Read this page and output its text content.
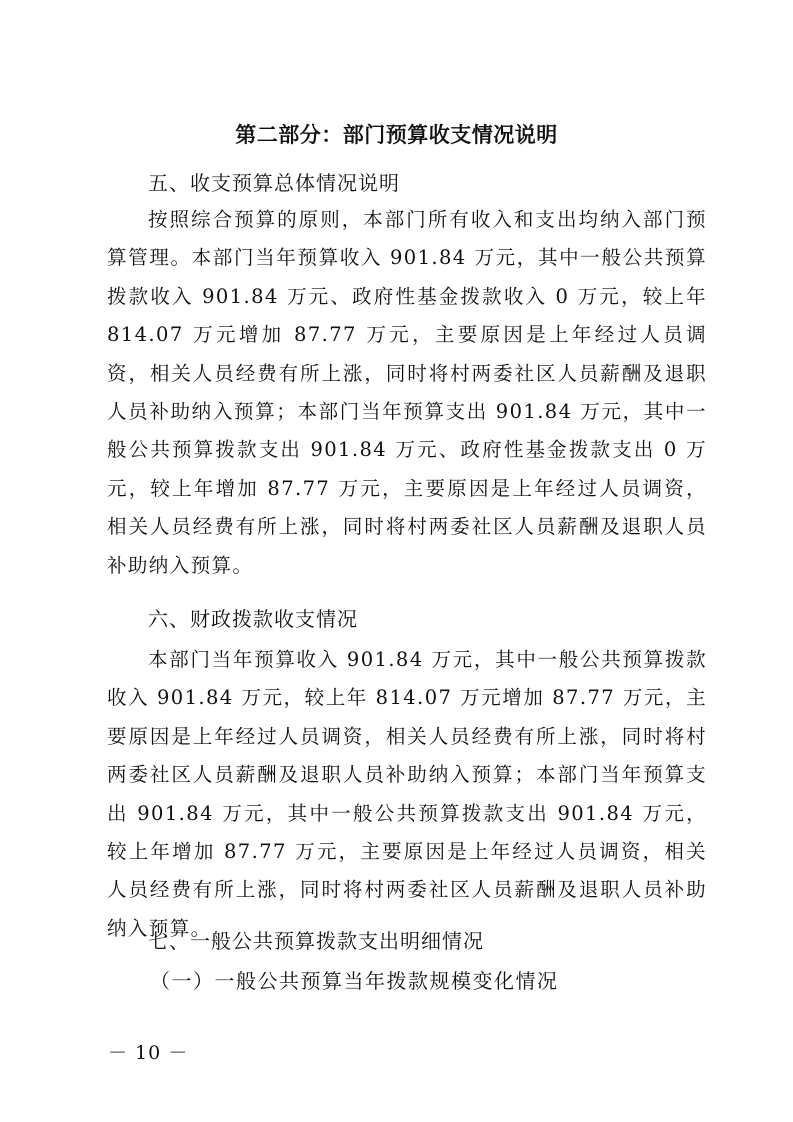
第二部分：部门预算收支情况说明
五、收支预算总体情况说明
按照综合预算的原则，本部门所有收入和支出均纳入部门预算管理。本部门当年预算收入 901.84 万元，其中一般公共预算拨款收入 901.84 万元、政府性基金拨款收入 0 万元，较上年 814.07 万元增加 87.77 万元，主要原因是上年经过人员调资，相关人员经费有所上涨，同时将村两委社区人员薪酬及退职人员补助纳入预算；本部门当年预算支出 901.84 万元，其中一般公共预算拨款支出 901.84 万元、政府性基金拨款支出 0 万元，较上年增加 87.77 万元，主要原因是上年经过人员调资，相关人员经费有所上涨，同时将村两委社区人员薪酬及退职人员补助纳入预算。
六、财政拨款收支情况
本部门当年预算收入 901.84 万元，其中一般公共预算拨款收入 901.84 万元，较上年 814.07 万元增加 87.77 万元，主要原因是上年经过人员调资，相关人员经费有所上涨，同时将村两委社区人员薪酬及退职人员补助纳入预算；本部门当年预算支出 901.84 万元，其中一般公共预算拨款支出 901.84 万元，较上年增加 87.77 万元，主要原因是上年经过人员调资，相关人员经费有所上涨，同时将村两委社区人员薪酬及退职人员补助纳入预算。
七、一般公共预算拨款支出明细情况
（一）一般公共预算当年拨款规模变化情况
－ 10 －
